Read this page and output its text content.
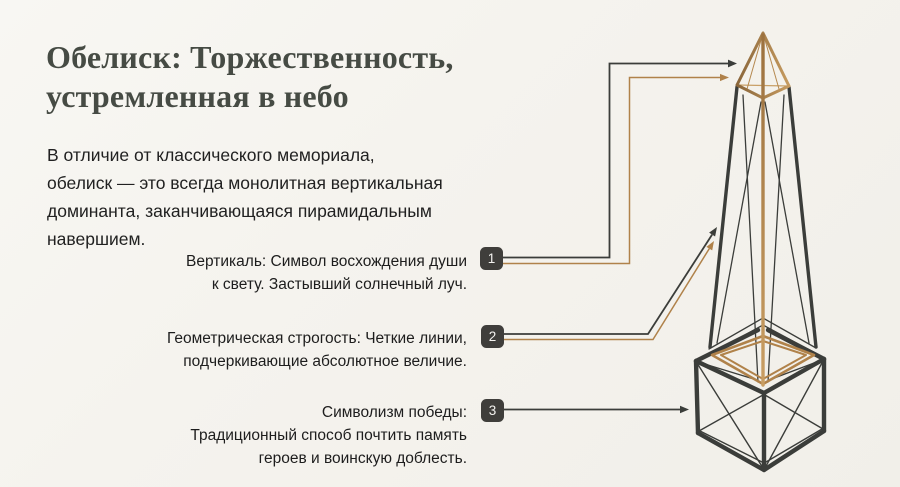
Обелиск: Торжественность,
устремленная в небо
В отличие от классического мемориала,
обелиск — это всегда монолитная вертикальная
доминанта, заканчивающаяся пирамидальным
навершием.
Вертикаль: Символ восхождения души
к свету. Застывший солнечный луч.
Геометрическая строгость: Четкие линии,
подчеркивающие абсолютное величие.
Символизм победы:
Традиционный способ почтить память
героев и воинскую доблесть.
1
2
3
